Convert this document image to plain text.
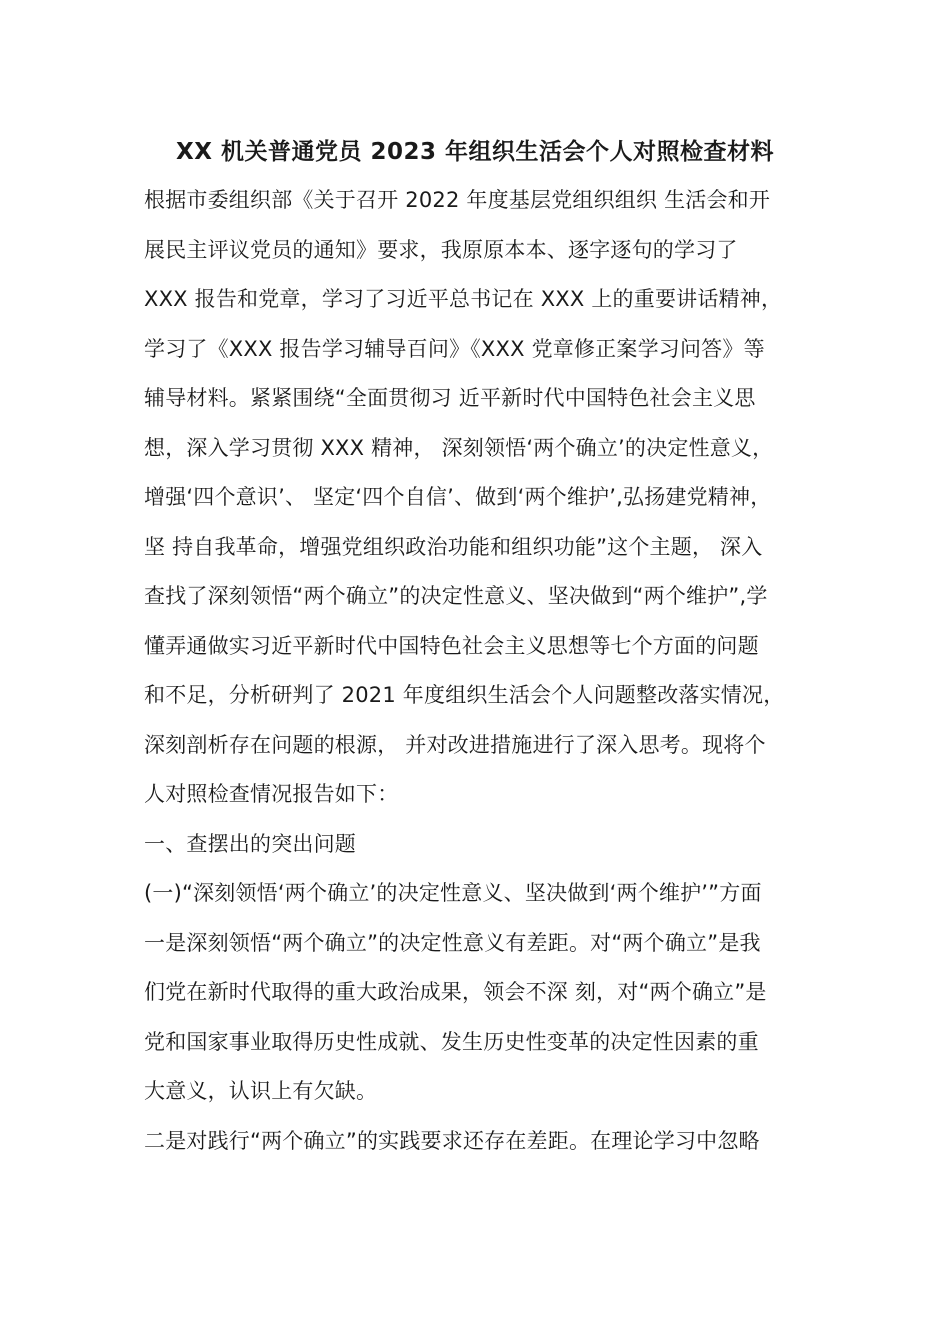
XX 机关普通党员 2023 年组织生活会个人对照检查材料
根据市委组织部《关于召开 2022 年度基层党组织组织 生活会和开
展民主评议党员的通知》要求，我原原本本、逐字逐句的学习了
XXX 报告和党章，学习了习近平总书记在 XXX 上的重要讲话精神，
学习了《XXX 报告学习辅导百问》《XXX 党章修正案学习问答》等
辅导材料。紧紧围绕“全面贯彻习 近平新时代中国特色社会主义思
想，深入学习贯彻 XXX 精神， 深刻领悟‘两个确立’的决定性意义，
增强‘四个意识’、 坚定‘四个自信’、做到‘两个维护’,弘扬建党精神，
坚 持自我革命，增强党组织政治功能和组织功能”这个主题， 深入
查找了深刻领悟“两个确立”的决定性意义、坚决做到“两个维护”,学
懂弄通做实习近平新时代中国特色社会主义思想等七个方面的问题
和不足，分析研判了 2021 年度组织生活会个人问题整改落实情况，
深刻剖析存在问题的根源， 并对改进措施进行了深入思考。现将个
人对照检查情况报告如下：
一、查摆出的突出问题
(一)“深刻领悟‘两个确立’的决定性意义、坚决做到‘两个维护’”方面
一是深刻领悟“两个确立”的决定性意义有差距。对“两个确立”是我
们党在新时代取得的重大政治成果，领会不深 刻，对“两个确立”是
党和国家事业取得历史性成就、发生历史性变革的决定性因素的重
大意义，认识上有欠缺。
二是对践行“两个确立”的实践要求还存在差距。在理论学习中忽略
